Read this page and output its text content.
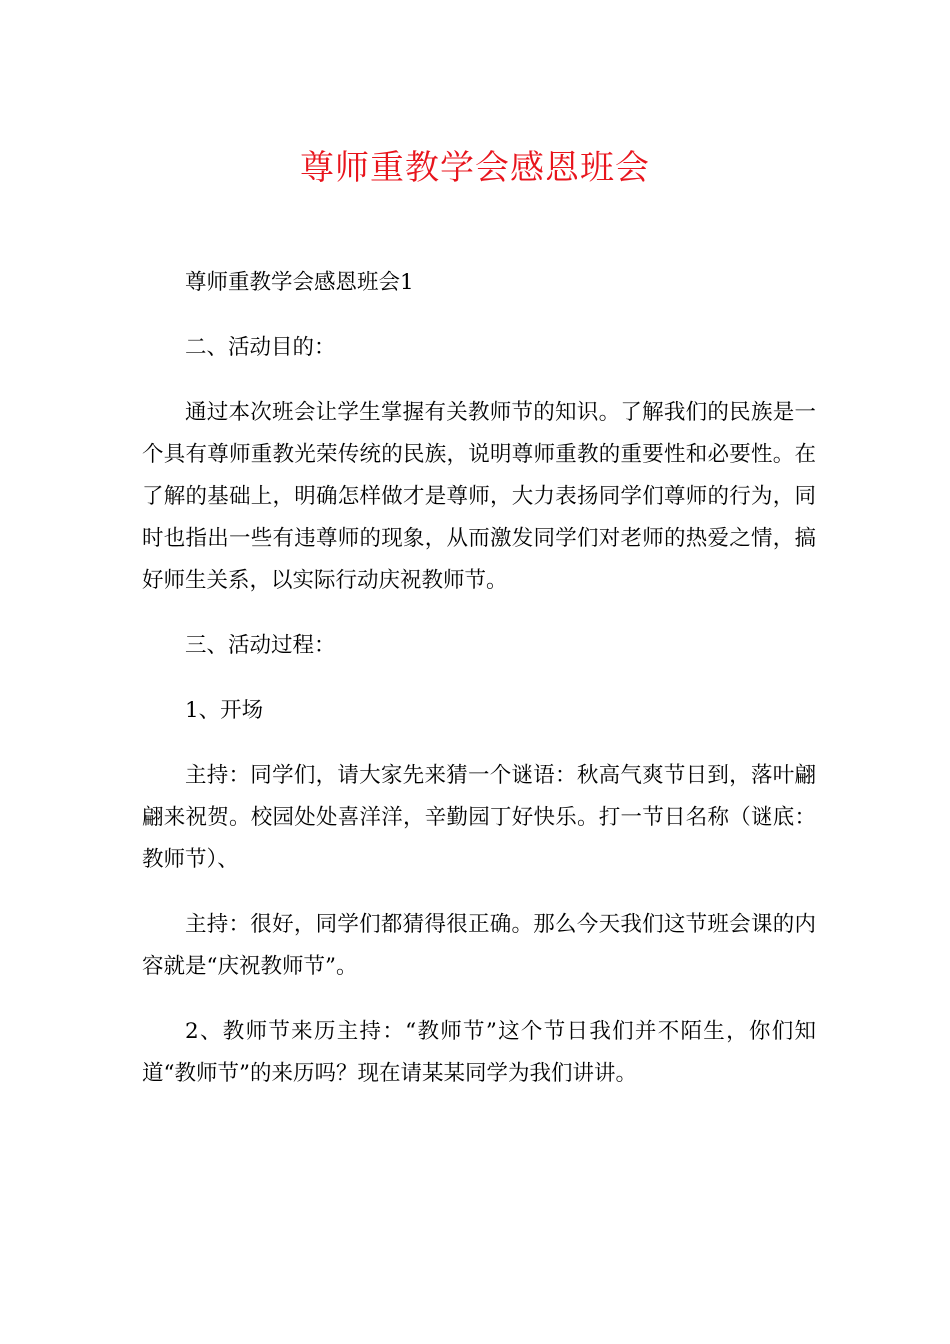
尊师重教学会感恩班会

尊师重教学会感恩班会1

二、活动目的：

通过本次班会让学生掌握有关教师节的知识。了解我们的民族是一个具有尊师重教光荣传统的民族，说明尊师重教的重要性和必要性。在了解的基础上，明确怎样做才是尊师，大力表扬同学们尊师的行为，同时也指出一些有违尊师的现象，从而激发同学们对老师的热爱之情，搞好师生关系，以实际行动庆祝教师节。

三、活动过程：

1、开场

主持：同学们，请大家先来猜一个谜语：秋高气爽节日到，落叶翩翩来祝贺。校园处处喜洋洋，辛勤园丁好快乐。打一节日名称（谜底：教师节）、

主持：很好，同学们都猜得很正确。那么今天我们这节班会课的内容就是“庆祝教师节”。

2、教师节来历主持：“教师节”这个节日我们并不陌生，你们知道“教师节”的来历吗？现在请某某同学为我们讲讲。
